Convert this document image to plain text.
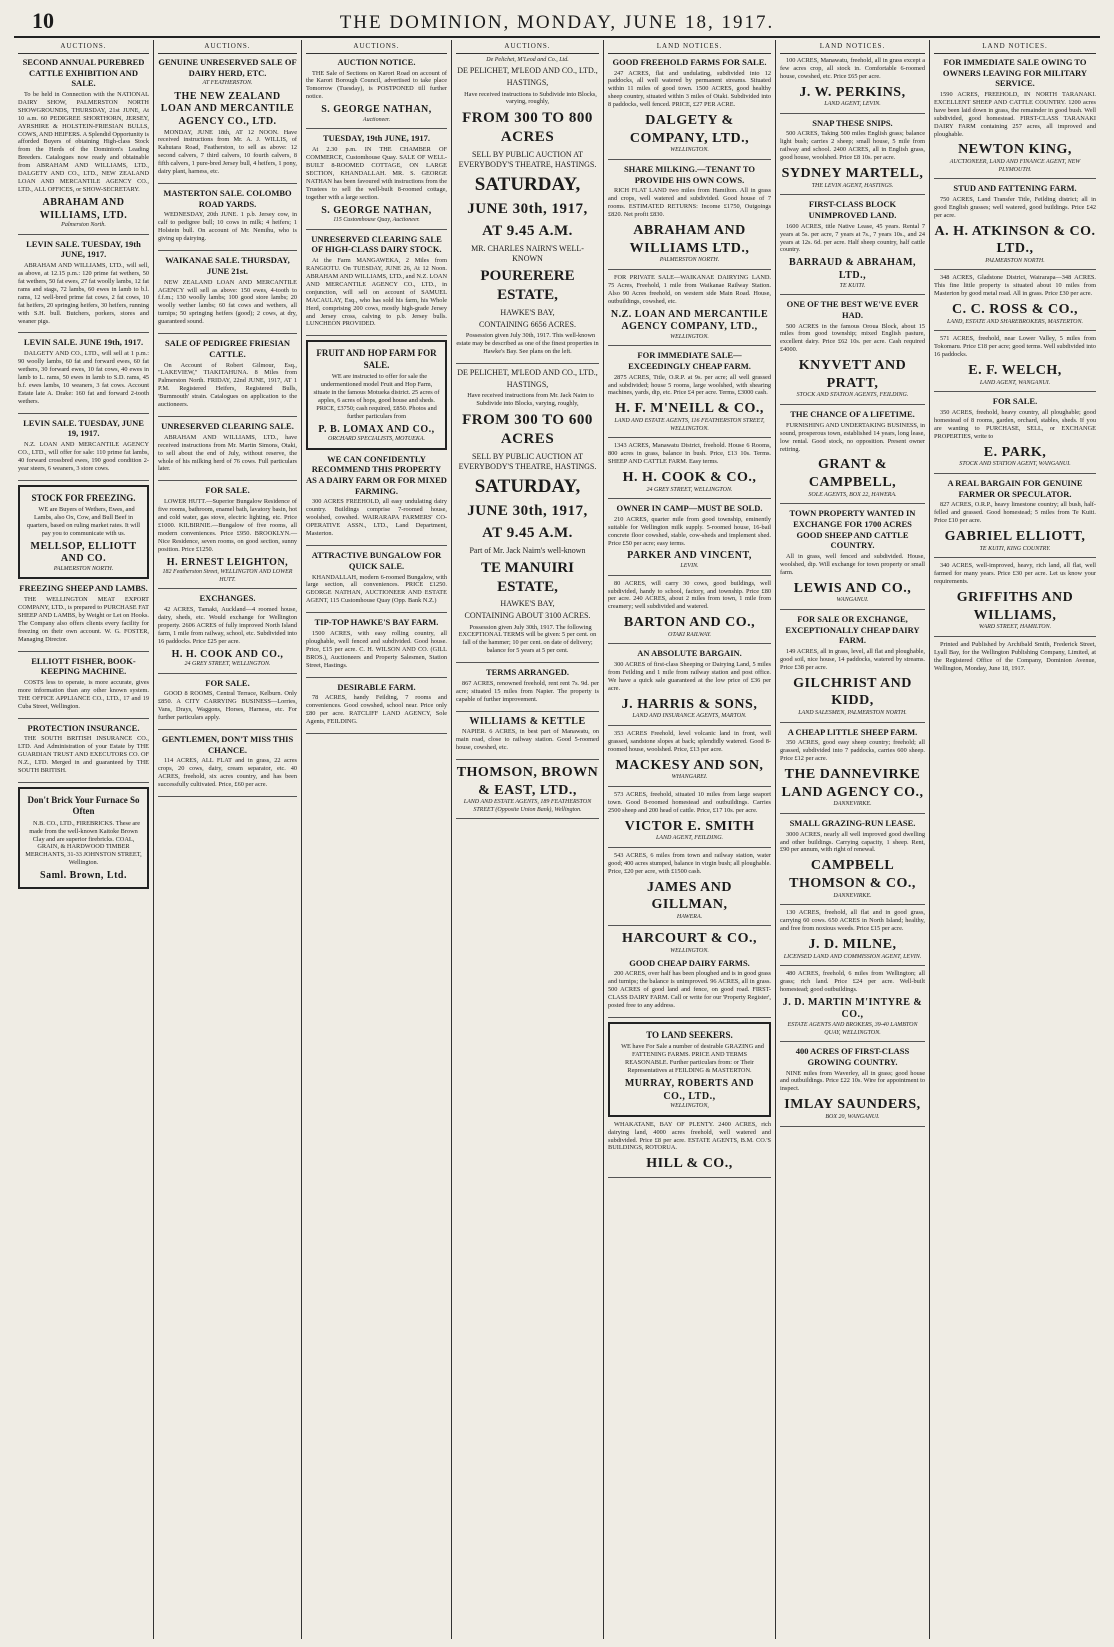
10	THE DOMINION, MONDAY, JUNE 18, 1917.
AUCTIONS.
SECOND ANNUAL PUREBRED CATTLE EXHIBITION AND SALE.

To be held in Connection with the NATIONAL DAIRY SHOW, PALMERSTON NORTH SHOWGROUNDS, THURSDAY, 21st JUNE, At 10 a.m. 60 PEDIGREE SHORTHORN, JERSEY, AYRSHIRE & HOLSTEIN-FRIESIAN BULLS, COWS, AND HEIFERS. A Splendid Opportunity is afforded Buyers of obtaining High-class Stock from the Herds of the Dominion's Leading Breeders. Catalogues now ready and obtainable from ABRAHAM AND WILLIAMS, LTD., DALGETY AND CO., LTD., NEW ZEALAND LOAN AND MERCANTILE AGENCY CO., LTD., ALL OFFICES, or SHOW-SECRETARY.

ABRAHAM AND WILLIAMS, LTD.
Palmerston North.
LEVIN SALE. TUESDAY, 19th JUNE, 1917.

ABRAHAM AND WILLIAMS, LTD., will sell, as above, at 12.15 p.m.: 120 prime fat wethers, 50 fat wethers, 50 fat ewes, 27 fat woolly lambs, 12 fat rams and stags, 72 lambs, 60 ewes in lamb to b.l. rams, 12 well-bred prime fat cows, 2 fat cows, 10 fat heifers, 20 springing heifers, 30 heifers, running with S.H. bull. Butchers, porkers, stores and weaner pigs.

LEVIN SALE. JUNE 19th, 1917.

DALGETY AND CO., LTD., will sell at 1 p.m.: 90 woolly lambs, 60 fat and forward ewes, 60 fat wethers, 30 forward ewes, 10 fat cows, 40 ewes in lamb to L. rams, 50 ewes in lamb to S.D. rams, 45 b.f. ewes lambs, 10 weaners, 3 fat cows. Account Estate late A. Drake: 160 fat and forward 2-tooth wethers.

LEVIN SALE. TUESDAY, JUNE 19, 1917.

N.Z. LOAN AND MERCANTILE AGENCY CO., LTD., will offer for sale: 110 prime fat lambs, 40 forward crossbred ewes, 190 good condition 2-year steers, 6 weaners, 3 store cows.

STOCK FOR FREEZING.

WE are Buyers of Wethers, Ewes, and Lambs, also Ox, Cow, and Bull Beef in quarters, based on ruling market rates. It will pay you to communicate with us.

MELLSOP, ELLIOTT AND CO.
PALMERSTON NORTH.
FREEZING SHEEP AND LAMBS.

THE WELLINGTON MEAT EXPORT COMPANY, LTD., is prepared to PURCHASE FAT SHEEP AND LAMBS, by Weight or Let on Hooks. The Company also offers clients every facility for freezing on their own account. W. G. FOSTER, Managing Director.

ELLIOTT FISHER, BOOK-KEEPING MACHINE.

COSTS less to operate, is more accurate, gives more information than any other known system. THE OFFICE APPLIANCE CO., LTD., 17 and 19 Cuba Street, Wellington.

PROTECTION INSURANCE.

THE SOUTH BRITISH INSURANCE CO., LTD. And Administration of your Estate by THE GUARDIAN TRUST AND EXECUTORS CO. OF N.Z., LTD. Merged in and guaranteed by THE SOUTH BRITISH.

Don't Brick Your Furnace So Often

N.B. CO., LTD., FIREBRICKS. These are made from the well-known Kaitoke Brown Clay and are superior firebricks. COAL, GRAIN, & HARDWOOD TIMBER MERCHANTS, 31-33 JOHNSTON STREET, Wellington.

Saml. Brown, Ltd.
AUCTIONS.
GENUINE UNRESERVED SALE OF DAIRY HERD, ETC.
AT FEATHERSTON.
THE NEW ZEALAND LOAN AND MERCANTILE AGENCY CO., LTD.

MONDAY, JUNE 18th, AT 12 NOON. Have received instructions from Mr. A. J. WILLIS, of Kahutara Road, Featherston, to sell as above: 12 second calvers, 7 third calvers, 10 fourth calvers, 8 fifth calvers, 1 pure-bred Jersey bull, 4 heifers, 1 pony, dairy plant, harness, etc.

MASTERTON SALE. COLOMBO ROAD YARDS.

WEDNESDAY, 20th JUNE. 1 p.b. Jersey cow, in calf to pedigree bull; 10 cows in milk; 4 heifers; 1 Holstein bull. On account of Mr. Nemihu, who is giving up dairying.

WAIKANAE SALE. THURSDAY, JUNE 21st.

NEW ZEALAND LOAN AND MERCANTILE AGENCY will sell as above: 150 ewes, 4-tooth to f.f.m.; 130 woolly lambs; 100 good store lambs; 20 woolly wether lambs; 60 fat cows and wethers, all turnips; 50 springing heifers (good); 2 cows, at dry, guaranteed sound.

SALE OF PEDIGREE FRIESIAN CATTLE.

On Account of Robert Gilmour, Esq., "LAKEVIEW," TIAKITAHUNA. 8 Miles from Palmerston North. FRIDAY, 22nd JUNE, 1917, AT 1 P.M. Registered Heifers, Registered Bulls, 'Burnmouth' strain. Catalogues on application to the auctioneers.

UNRESERVED CLEARING SALE.

ABRAHAM AND WILLIAMS, LTD., have received instructions from Mr. Martin Simons, Otaki, to sell about the end of July, without reserve, the whole of his milking herd of 76 cows. Full particulars later.

FOR SALE.

LOWER HUTT.—Superior Bungalow Residence of five rooms, bathroom, enamel bath, lavatory basin, hot and cold water, gas stove, electric lighting, etc. Price £1000. KILBIRNIE.—Bungalow of five rooms, all modern conveniences. Price £950. BROOKLYN.—Nice Residence, seven rooms, on good section, sunny position. Price £1250.

H. ERNEST LEIGHTON,
182 Featherston Street, WELLINGTON AND LOWER HUTT.
EXCHANGES.

42 ACRES, Tamaki, Auckland—4 roomed house, dairy, sheds, etc. Would exchange for Wellington property. 2606 ACRES of fully improved North Island farm, 1 mile from railway, school, etc. Subdivided into 16 paddocks. Price £25 per acre.

H. H. COOK AND CO.,
24 GREY STREET, WELLINGTON.
FOR SALE.

GOOD 8 ROOMS, Central Terrace, Kelburn. Only £850. A CITY CARRYING BUSINESS—Lorries, Vans, Drays, Waggons, Horses, Harness, etc. For further particulars apply.

GENTLEMEN, DON'T MISS THIS CHANCE.

114 ACRES, ALL FLAT and in grass, 22 acres crops, 20 cows, dairy, cream separator, etc. 40 ACRES, freehold, six acres country, and has been successfully cultivated. Price, £60 per acre.

AUCTIONS.
AUCTION NOTICE.

THE Sale of Sections on Karori Road on account of the Karori Borough Council, advertised to take place Tomorrow (Tuesday), is POSTPONED till further notice.

S. GEORGE NATHAN,
Auctioneer.
TUESDAY, 19th JUNE, 1917.

At 2.30 p.m. IN THE CHAMBER OF COMMERCE, Customhouse Quay. SALE OF WELL-BUILT 8-ROOMED COTTAGE, ON LARGE SECTION, KHANDALLAH. MR. S. GEORGE NATHAN has been favoured with instructions from the Trustees to sell the well-built 8-roomed cottage, together with a large section.

S. GEORGE NATHAN,
115 Customhouse Quay, Auctioneer.
UNRESERVED CLEARING SALE OF HIGH-CLASS DAIRY STOCK.

At the Farm MANGAWEKA, 2 Miles from RANGIOTU. On TUESDAY, JUNE 26, At 12 Noon. ABRAHAM AND WILLIAMS, LTD., and N.Z. LOAN AND MERCANTILE AGENCY CO., LTD., in conjunction, will sell on account of SAMUEL MACAULAY, Esq., who has sold his farm, his Whole Herd, comprising 200 cows, mostly high-grade Jersey and Jersey cross, calving to p.b. Jersey bulls. LUNCHEON PROVIDED.

FRUIT AND HOP FARM FOR SALE.

WE are instructed to offer for sale the undermentioned model Fruit and Hop Farm, situate in the famous Motueka district. 25 acres of apples, 6 acres of hops, good house and sheds. PRICE, £3750; cash required, £850. Photos and further particulars from

P. B. LOMAX AND CO.,
ORCHARD SPECIALISTS, MOTUEKA.
WE CAN CONFIDENTLY RECOMMEND THIS PROPERTY AS A DAIRY FARM OR FOR MIXED FARMING.

300 ACRES FREEHOLD, all easy undulating dairy country. Buildings comprise 7-roomed house, woolshed, cowshed. WAIRARAPA FARMERS' CO-OPERATIVE ASSN., LTD., Land Department, Masterton.

ATTRACTIVE BUNGALOW FOR QUICK SALE.

KHANDALLAH, modern 6-roomed Bungalow, with large section, all conveniences. PRICE £1250. GEORGE NATHAN, AUCTIONEER AND ESTATE AGENT, 115 Customhouse Quay (Opp. Bank N.Z.)

TIP-TOP HAWKE'S BAY FARM.

1500 ACRES, with easy rolling country, all ploughable, well fenced and subdivided. Good house. Price, £15 per acre. C. H. WILSON AND CO. (GILL BROS.), Auctioneers and Property Salesmen, Station Street, Hastings.

DESIRABLE FARM.

78 ACRES, handy Feilding, 7 rooms and conveniences. Good cowshed, school near. Price only £80 per acre. RATCLIFF LAND AGENCY, Sole Agents, FEILDING.

AUCTIONS.
De Pelichet, M'Leod and Co., Ltd.
DE PELICHET, M'LEOD AND CO., LTD.,
HASTINGS,

Have received instructions to Subdivide into Blocks, varying, roughly,

FROM 300 TO 800 ACRES
SELL BY PUBLIC AUCTION AT EVERYBODY'S THEATRE, HASTINGS.
SATURDAY,
JUNE 30th, 1917,
AT 9.45 A.M.
MR. CHARLES NAIRN'S WELL-KNOWN
POURERERE ESTATE,
HAWKE'S BAY,
CONTAINING 6656 ACRES.

Possession given July 30th, 1917. This well-known estate may be described as one of the finest properties in Hawke's Bay. See plans on the left.

DE PELICHET, M'LEOD AND CO., LTD.,
HASTINGS,

Have received instructions from Mr. Jack Nairn to Subdivide into Blocks, varying, roughly,

FROM 300 TO 600 ACRES
SELL BY PUBLIC AUCTION AT EVERYBODY'S THEATRE, HASTINGS.
SATURDAY,
JUNE 30th, 1917,
AT 9.45 A.M.
Part of Mr. Jack Nairn's well-known
TE MANUIRI ESTATE,
HAWKE'S BAY,
CONTAINING ABOUT 3100 ACRES.

Possession given July 30th, 1917. The following EXCEPTIONAL TERMS will be given: 5 per cent. on fall of the hammer; 10 per cent. on date of delivery; balance for 5 years at 5 per cent.

TERMS ARRANGED.

867 ACRES, renowned freehold, rent rent 7s. 9d. per acre; situated 15 miles from Napier. The property is capable of further improvement.

WILLIAMS & KETTLE

NAPIER. 6 ACRES, in best part of Manawatu, on main road, close to railway station. Good 5-roomed house, cowshed, etc.

THOMSON, BROWN & EAST, LTD.,
LAND AND ESTATE AGENTS, 189 FEATHERSTON STREET (Opposite Union Bank), Wellington.
LAND NOTICES.
GOOD FREEHOLD FARMS FOR SALE.

247 ACRES, flat and undulating, subdivided into 12 paddocks, all well watered by permanent streams. Situated within 11 miles of good town. 1500 ACRES, good healthy sheep country, situated within 3 miles of Otaki. Subdivided into 8 paddocks, well fenced. PRICE, £27 PER ACRE.

DALGETY & COMPANY, LTD.,
WELLINGTON.
SHARE MILKING.—TENANT TO PROVIDE HIS OWN COWS.

RICH FLAT LAND two miles from Hamilton. All in grass and crops, well watered and subdivided. Good house of 7 rooms. ESTIMATED RETURNS: Income £1750, Outgoings £820. Net profit £830.

ABRAHAM AND WILLIAMS LTD.,
PALMERSTON NORTH.

FOR PRIVATE SALE—WAIKANAE DAIRYING LAND. 75 Acres, Freehold, 1 mile from Waikanae Railway Station. Also 90 Acres freehold, on western side Main Road. House, outbuildings, cowshed, etc.

N.Z. LOAN AND MERCANTILE AGENCY COMPANY, LTD.,
WELLINGTON.
FOR IMMEDIATE SALE—EXCEEDINGLY CHEAP FARM.

2875 ACRES, Title, O.R.P. at 9s. per acre; all well grassed and subdivided; house 5 rooms, large woolshed, with shearing machines, yards, dip, etc. Price £4 per acre. Terms, £3000 cash.

H. F. M'NEILL & CO.,
LAND AND ESTATE AGENTS, 116 FEATHERSTON STREET, WELLINGTON.

1343 ACRES, Manawatu District, freehold. House 6 Rooms, 800 acres in grass, balance in bush. Price, £13 10s. Terms. SHEEP AND CATTLE FARM. Easy terms.

H. H. COOK & CO.,
24 GREY STREET, WELLINGTON.
OWNER IN CAMP—MUST BE SOLD.

210 ACRES, quarter mile from good township, eminently suitable for Wellington milk supply. 5-roomed house, 16-bail concrete floor cowshed, stable, cow-sheds and implement shed. Price £50 per acre; easy terms.

PARKER AND VINCENT,
LEVIN.

80 ACRES, will carry 30 cows, good buildings, well subdivided, handy to school, factory, and township. Price £80 per acre. 240 ACRES, about 2 miles from town, 1 mile from creamery; well subdivided and watered.

BARTON AND CO.,
OTAKI RAILWAY.
AN ABSOLUTE BARGAIN.

300 ACRES of first-class Sheeping or Dairying Land, 5 miles from Feilding and 1 mile from railway station and post office. We have a quick sale guaranteed at the low price of £36 per acre.

J. HARRIS & SONS,
LAND AND INSURANCE AGENTS, MARTON.

353 ACRES Freehold, level volcanic land in front, well grassed, sandstone slopes at back; splendidly watered. Good 8-roomed house, woolshed. Price, £13 per acre.

MACKESY AND SON,
WHANGAREI.

573 ACRES, freehold, situated 10 miles from large seaport town. Good 8-roomed homestead and outbuildings. Carries 2500 sheep and 200 head of cattle. Price, £17 10s. per acre.

VICTOR E. SMITH
LAND AGENT, FEILDING.

543 ACRES, 6 miles from town and railway station, water good; 400 acres stumped, balance in virgin bush; all ploughable. Price, £20 per acre, with £1500 cash.

JAMES AND GILLMAN,
HAWERA.
HARCOURT & CO.,
WELLINGTON.
GOOD CHEAP DAIRY FARMS.

200 ACRES, over half has been ploughed and is in good grass and turnips; the balance is unimproved. 96 ACRES, all in grass. 500 ACRES of good land and fence, on good road. FIRST-CLASS DAIRY FARM. Call or write for our 'Property Register', posted free to any address.

TO LAND SEEKERS.

WE have For Sale a number of desirable GRAZING and FATTENING FARMS. PRICE AND TERMS REASONABLE. Further particulars from: or Their Representatives at FEILDING & MASTERTON.

MURRAY, ROBERTS AND CO., LTD.,
WELLINGTON,

WHAKATANE, BAY OF PLENTY. 2400 ACRES, rich dairying land, 4000 acres freehold, well watered and subdivided. Price £8 per acre. ESTATE AGENTS, B.M. CO.'S BUILDINGS, ROTORUA.

HILL & CO.,
LAND NOTICES.

100 ACRES, Manawatu, freehold, all in grass except a few acres crop, all stock in. Comfortable 6-roomed house, cowshed, etc. Price £65 per acre.

J. W. PERKINS,
LAND AGENT, LEVIN.
SNAP THESE SNIPS.

500 ACRES, Taking 500 miles English grass; balance light bush; carries 2 sheep; small house, 5 mile from railway and school. 2400 ACRES, all in English grass, good house, woolshed. Price £8 10s. per acre.

SYDNEY MARTELL,
THE LEVIN AGENT, HASTINGS.
FIRST-CLASS BLOCK UNIMPROVED LAND.

1600 ACRES, title Native Lease, 45 years. Rental 7 years at 5s. per acre, 7 years at 7s., 7 years 10s., and 24 years at 12s. 6d. per acre. Half sheep country, half cattle country.

BARRAUD & ABRAHAM, LTD.,
TE KUITI.
ONE OF THE BEST WE'VE EVER HAD.

500 ACRES in the famous Oroua Block, about 15 miles from good township; mixed English pasture, excellent dairy. Price £62 10s. per acre. Cash required £4000.

KNYVETT AND PRATT,
STOCK AND STATION AGENTS, FEILDING.
THE CHANCE OF A LIFETIME.

FURNISHING AND UNDERTAKING BUSINESS, in sound, prosperous town, established 14 years, long lease, low rental. Good stock, no opposition. Present owner retiring.

GRANT & CAMPBELL,
SOLE AGENTS, BOX 22, HAWERA.
TOWN PROPERTY WANTED IN EXCHANGE FOR 1700 ACRES GOOD SHEEP AND CATTLE COUNTRY.

All in grass, well fenced and subdivided. House, woolshed, dip. Will exchange for town property or small farm.

LEWIS AND CO.,
WANGANUI.
FOR SALE OR EXCHANGE, EXCEPTIONALLY CHEAP DAIRY FARM.

149 ACRES, all in grass, level, all flat and ploughable, good soil, nice house, 14 paddocks, watered by streams. Price £38 per acre.

GILCHRIST AND KIDD,
LAND SALESMEN, PALMERSTON NORTH.
A CHEAP LITTLE SHEEP FARM.

350 ACRES, good easy sheep country; freehold; all grassed, subdivided into 7 paddocks, carries 600 sheep. Price £12 per acre.

THE DANNEVIRKE LAND AGENCY CO.,
DANNEVIRKE.
SMALL GRAZING-RUN LEASE.

3000 ACRES, nearly all well improved good dwelling and other buildings. Carrying capacity, 1 sheep. Rent, £90 per annum, with right of renewal.

CAMPBELL THOMSON & CO.,
DANNEVIRKE.

130 ACRES, freehold, all flat and in good grass, carrying 60 cows. 650 ACRES in North Island; healthy, and free from noxious weeds. Price £15 per acre.

J. D. MILNE,
LICENSED LAND AND COMMISSION AGENT, LEVIN.

480 ACRES, freehold, 6 miles from Wellington; all grass; rich land. Price £24 per acre. Well-built homestead; good outbuildings.

J. D. MARTIN M'INTYRE & CO.,
ESTATE AGENTS AND BROKERS, 39-40 LAMBTON QUAY, WELLINGTON.
400 ACRES OF FIRST-CLASS GROWING COUNTRY.

NINE miles from Waverley, all in grass; good house and outbuildings. Price £22 10s. Wire for appointment to inspect.

IMLAY SAUNDERS,
BOX 20, WANGANUI.
LAND NOTICES.
FOR IMMEDIATE SALE OWING TO OWNERS LEAVING FOR MILITARY SERVICE.

1590 ACRES, FREEHOLD, IN NORTH TARANAKI. EXCELLENT SHEEP AND CATTLE COUNTRY. 1200 acres have been laid down in grass, the remainder in good bush. Well subdivided, good homestead. FIRST-CLASS TARANAKI DAIRY FARM containing 257 acres, all improved and ploughable.

NEWTON KING,
AUCTIONEER, LAND AND FINANCE AGENT, NEW PLYMOUTH.
STUD AND FATTENING FARM.

750 ACRES, Land Transfer Title, Feilding district; all in good English grasses; well watered, good buildings. Price £42 per acre.

A. H. ATKINSON & CO. LTD.,
PALMERSTON NORTH.

348 ACRES, Gladstone District, Wairarapa—348 ACRES. This fine little property is situated about 10 miles from Masterton by good metal road. All in grass. Price £30 per acre.

C. C. ROSS & CO.,
LAND, ESTATE AND SHAREBROKERS, MASTERTON.

571 ACRES, freehold, near Lower Valley, 5 miles from Tokomaru. Price £18 per acre; good terms. Well subdivided into 16 paddocks.

E. F. WELCH,
LAND AGENT, WANGANUI.
FOR SALE.

350 ACRES, freehold, heavy country, all ploughable; good homestead of 8 rooms, garden, orchard, stables, sheds. If you are wanting to PURCHASE, SELL, or EXCHANGE PROPERTIES, write to

E. PARK,
STOCK AND STATION AGENT, WANGANUI.
A REAL BARGAIN FOR GENUINE FARMER OR SPECULATOR.

827 ACRES, O.R.P., heavy limestone country; all bush, half-felled and grassed. Good homestead; 5 miles from Te Kuiti. Price £10 per acre.

GABRIEL ELLIOTT,
TE KUITI, KING COUNTRY.

340 ACRES, well-improved, heavy, rich land, all flat, well farmed for many years. Price £30 per acre. Let us know your requirements.

GRIFFITHS AND WILLIAMS,
WARD STREET, HAMILTON.

Printed and Published by Archibald Smith, Frederick Street, Lyall Bay, for the Wellington Publishing Company, Limited, at the Registered Office of the Company, Dominion Avenue, Wellington, Monday, June 18, 1917.
